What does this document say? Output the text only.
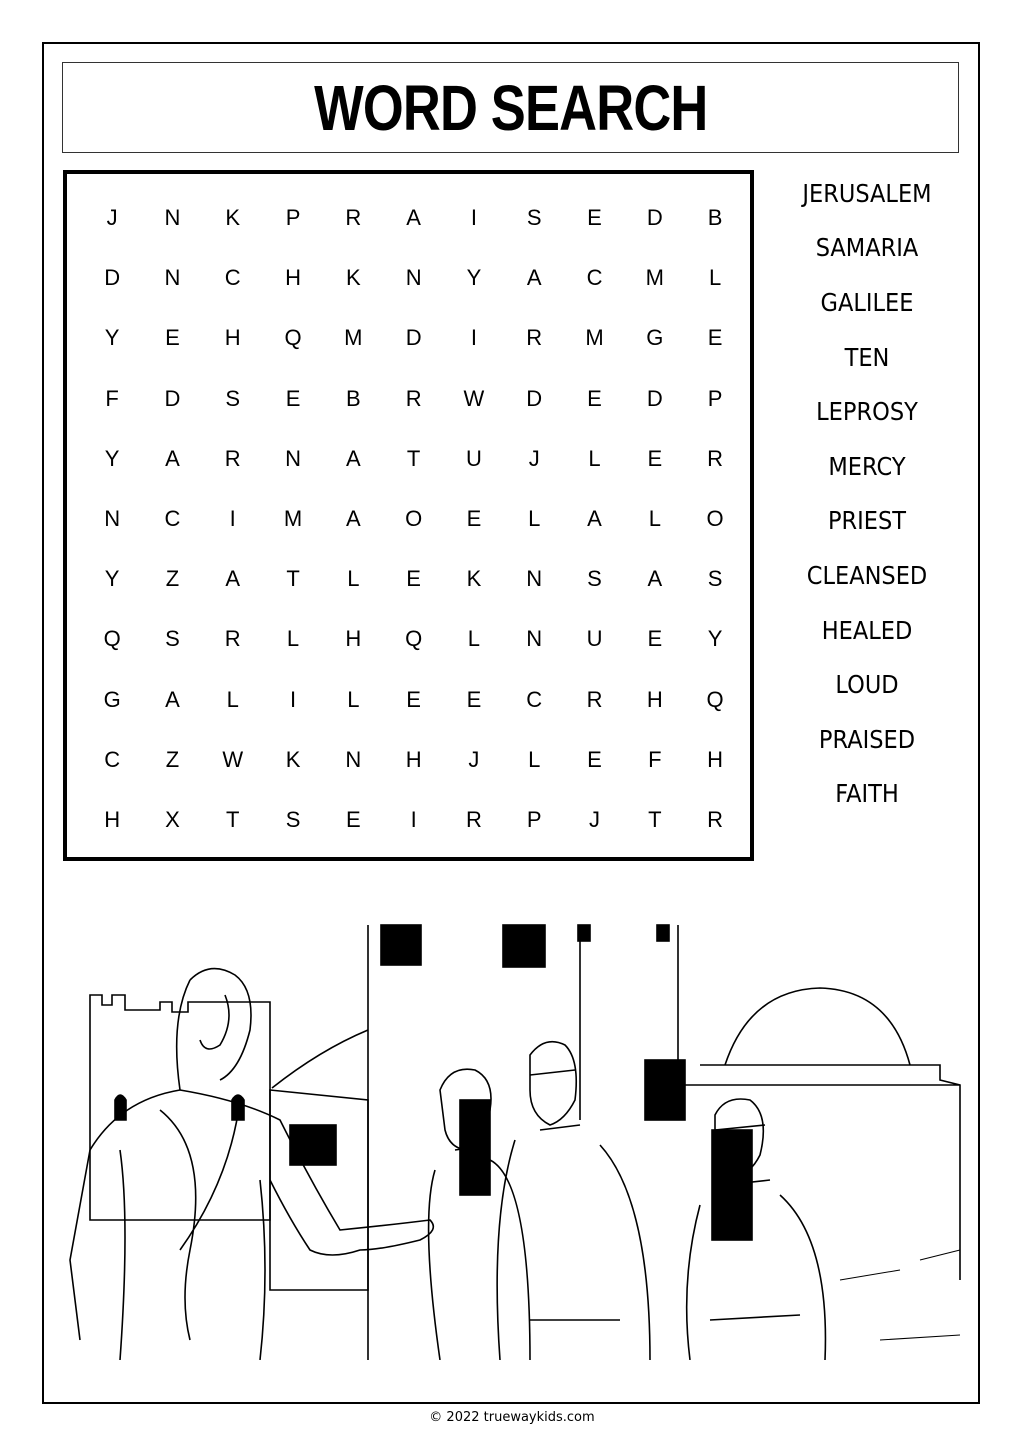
WORD SEARCH
J	N	K	P	R	A	I	S	E	D	B
D	N	C	H	K	N	Y	A	C	M	L
Y	E	H	Q	M	D	I	R	M	G	E
F	D	S	E	B	R	W	D	E	D	P
Y	A	R	N	A	T	U	J	L	E	R
N	C	I	M	A	O	E	L	A	L	O
Y	Z	A	T	L	E	K	N	S	A	S
Q	S	R	L	H	Q	L	N	U	E	Y
G	A	L	I	L	E	E	C	R	H	Q
C	Z	W	K	N	H	J	L	E	F	H
H	X	T	S	E	I	R	P	J	T	R
JERUSALEM
SAMARIA
GALILEE
TEN
LEPROSY
MERCY
PRIEST
CLEANSED
HEALED
LOUD
PRAISED
FAITH
© 2022 truewaykids.com
